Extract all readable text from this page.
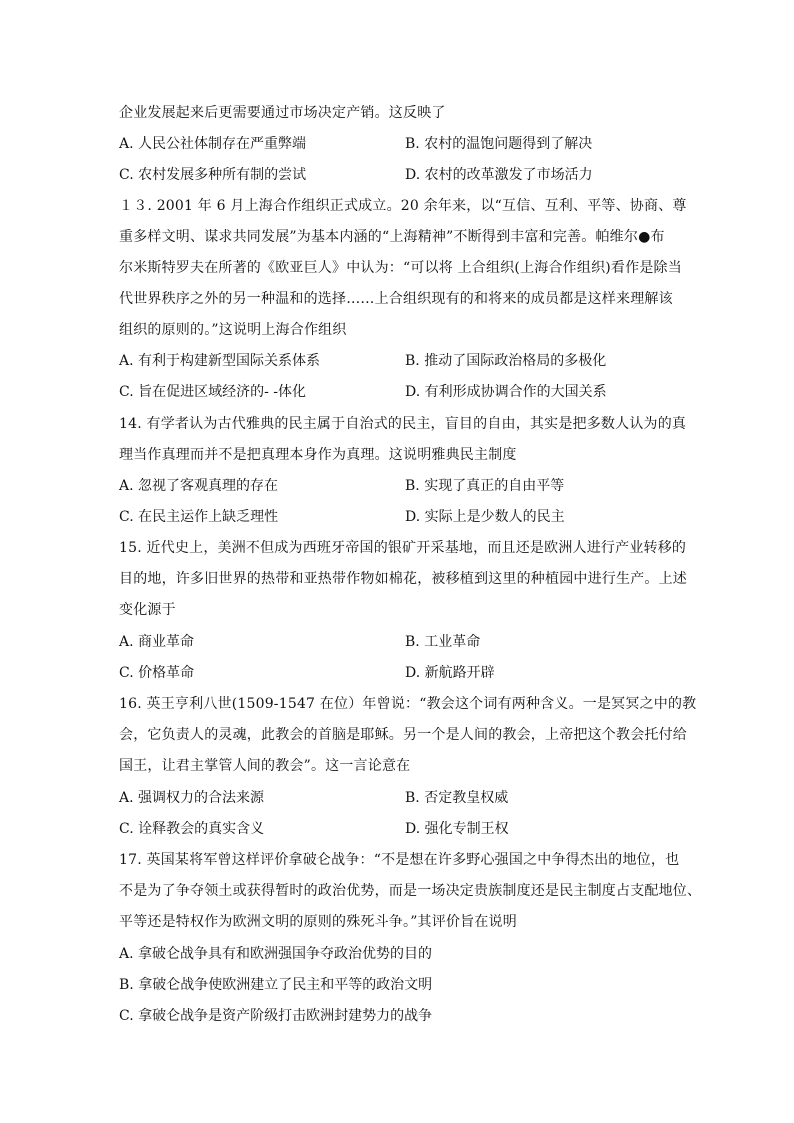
企业发展起来后更需要通过市场决定产销。这反映了
A. 人民公社体制存在严重弊端	B. 农村的温饱问题得到了解决
C. 农村发展多种所有制的尝试	D. 农村的改革激发了市场活力
１３. 2001 年 6 月上海合作组织正式成立。20 余年来，以“互信、互利、平等、协商、尊
重多样文明、谋求共同发展”为基本内涵的“上海精神”不断得到丰富和完善。帕维尔●布
尔米斯特罗夫在所著的《欧亚巨人》中认为：“可以将 上合组织(上海合作组织)看作是除当
代世界秩序之外的另一种温和的选择……上合组织现有的和将来的成员都是这样来理解该
组织的原则的。”这说明上海合作组织
A. 有利于构建新型国际关系体系	B. 推动了国际政治格局的多极化
C. 旨在促进区域经济的- -体化	D. 有利形成协调合作的大国关系
14. 有学者认为古代雅典的民主属于自治式的民主，盲目的自由，其实是把多数人认为的真
理当作真理而并不是把真理本身作为真理。这说明雅典民主制度
A. 忽视了客观真理的存在	B. 实现了真正的自由平等
C. 在民主运作上缺乏理性	D. 实际上是少数人的民主
15. 近代史上，美洲不但成为西班牙帝国的银矿开采基地，而且还是欧洲人进行产业转移的
目的地，许多旧世界的热带和亚热带作物如棉花，被移植到这里的种植园中进行生产。上述
变化源于
A. 商业革命	B. 工业革命
C. 价格革命	D. 新航路开辟
16. 英王亨利八世(1509-1547 在位）年曾说：“教会这个词有两种含义。一是冥冥之中的教
会，它负责人的灵魂，此教会的首脑是耶稣。另一个是人间的教会，上帝把这个教会托付给
国王，让君主掌管人间的教会”。这一言论意在
A. 强调权力的合法来源	B. 否定教皇权威
C. 诠释教会的真实含义	D. 强化专制王权
17. 英国某将军曾这样评价拿破仑战争：“不是想在许多野心强国之中争得杰出的地位，也
不是为了争夺领土或获得暂时的政治优势，而是一场决定贵族制度还是民主制度占支配地位、
平等还是特权作为欧洲文明的原则的殊死斗争。”其评价旨在说明
A. 拿破仑战争具有和欧洲强国争夺政治优势的目的
B. 拿破仑战争使欧洲建立了民主和平等的政治文明
C. 拿破仑战争是资产阶级打击欧洲封建势力的战争
